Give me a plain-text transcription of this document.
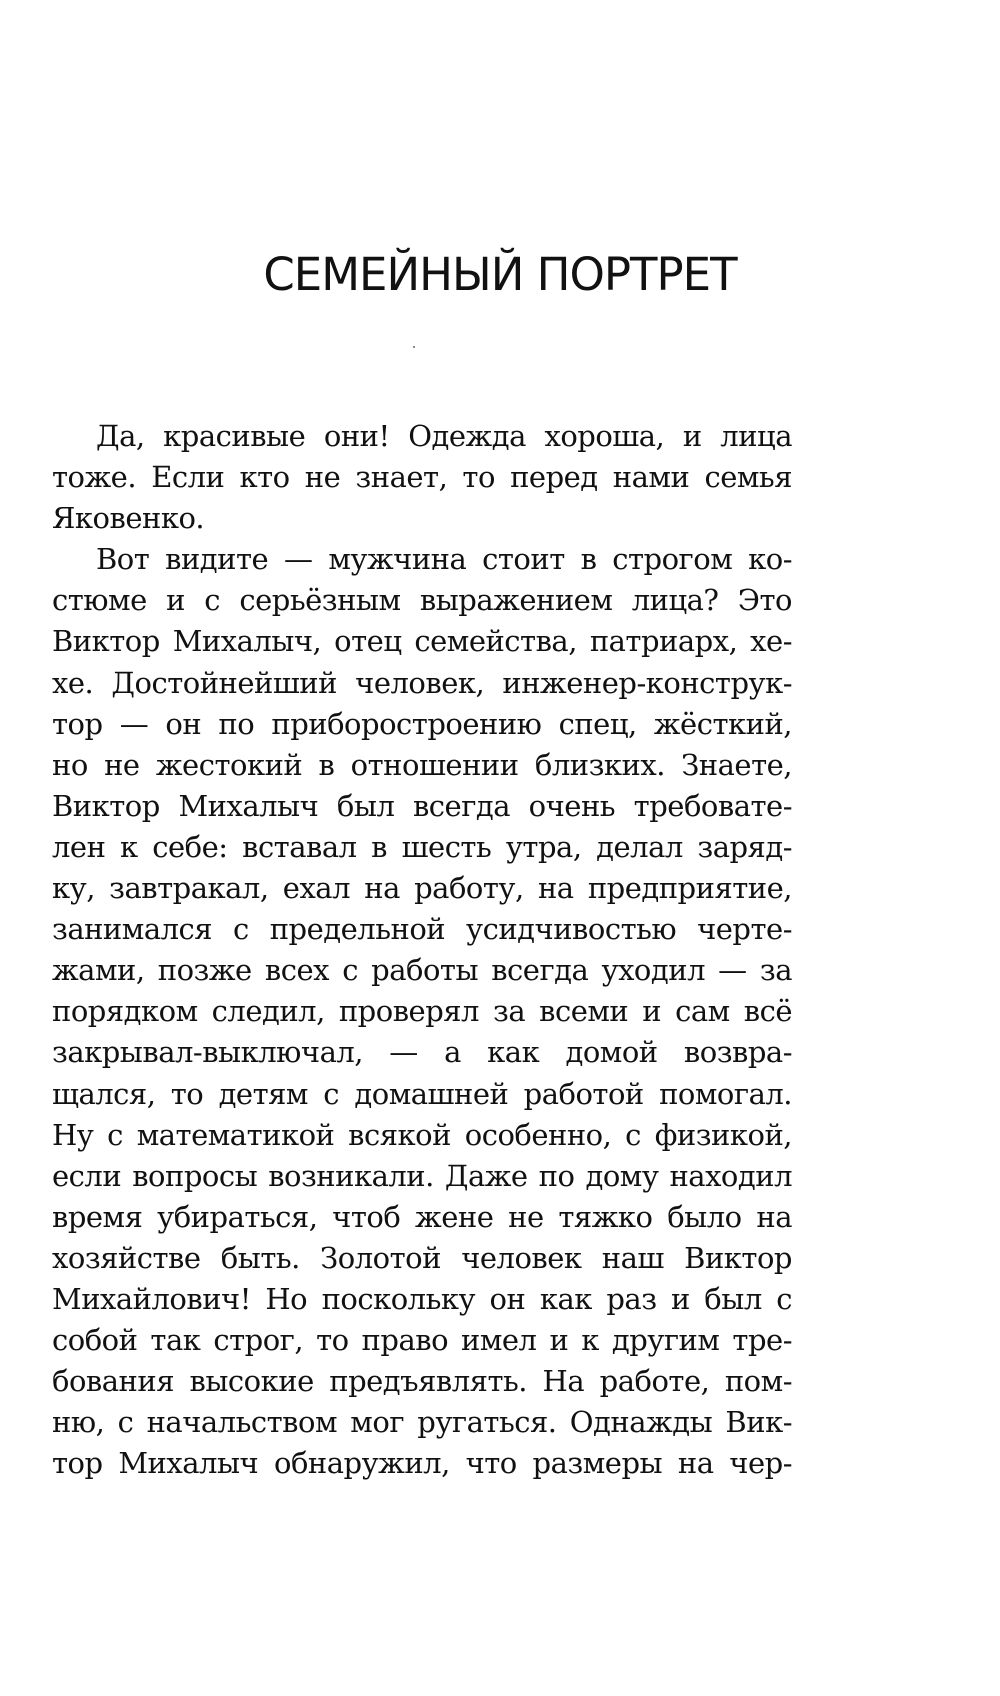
СЕМЕЙНЫЙ ПОРТРЕТ
Да, красивые они! Одежда хороша, и лица
тоже. Если кто не знает, то перед нами семья
Яковенко.
Вот видите — мужчина стоит в строгом ко-
стюме и с серьёзным выражением лица? Это
Виктор Михалыч, отец семейства, патриарх, хе-
хе. Достойнейший человек, инженер-конструк-
тор — он по приборостроению спец, жёсткий,
но не жестокий в отношении близких. Знаете,
Виктор Михалыч был всегда очень требовате-
лен к себе: вставал в шесть утра, делал заряд-
ку, завтракал, ехал на работу, на предприятие,
занимался с предельной усидчивостью черте-
жами, позже всех с работы всегда уходил — за
порядком следил, проверял за всеми и сам всё
закрывал-выключал, — а как домой возвра-
щался, то детям с домашней работой помогал.
Ну с математикой всякой особенно, с физикой,
если вопросы возникали. Даже по дому находил
время убираться, чтоб жене не тяжко было на
хозяйстве быть. Золотой человек наш Виктор
Михайлович! Но поскольку он как раз и был с
собой так строг, то право имел и к другим тре-
бования высокие предъявлять. На работе, пом-
ню, с начальством мог ругаться. Однажды Вик-
тор Михалыч обнаружил, что размеры на чер-
